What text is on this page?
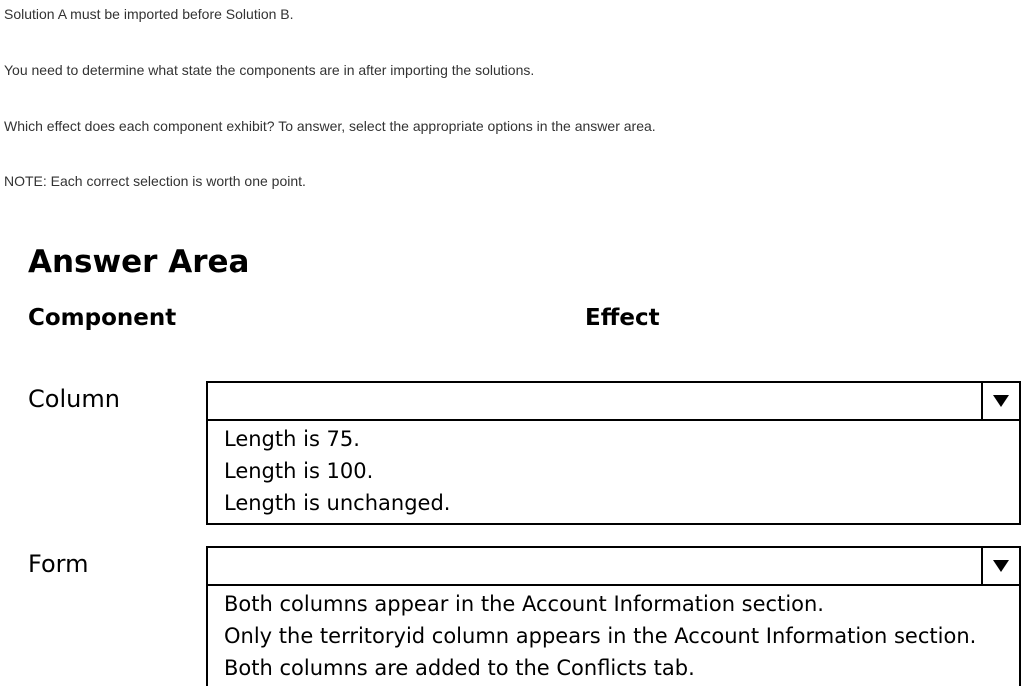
Solution A must be imported before Solution B.

You need to determine what state the components are in after importing the solutions.

Which effect does each component exhibit? To answer, select the appropriate options in the answer area.

NOTE: Each correct selection is worth one point.

Answer Area
Component	Effect
Column
Length is 75.
Length is 100.
Length is unchanged.
Form
Both columns appear in the Account Information section.
Only the territoryid column appears in the Account Information section.
Both columns are added to the Conflicts tab.
